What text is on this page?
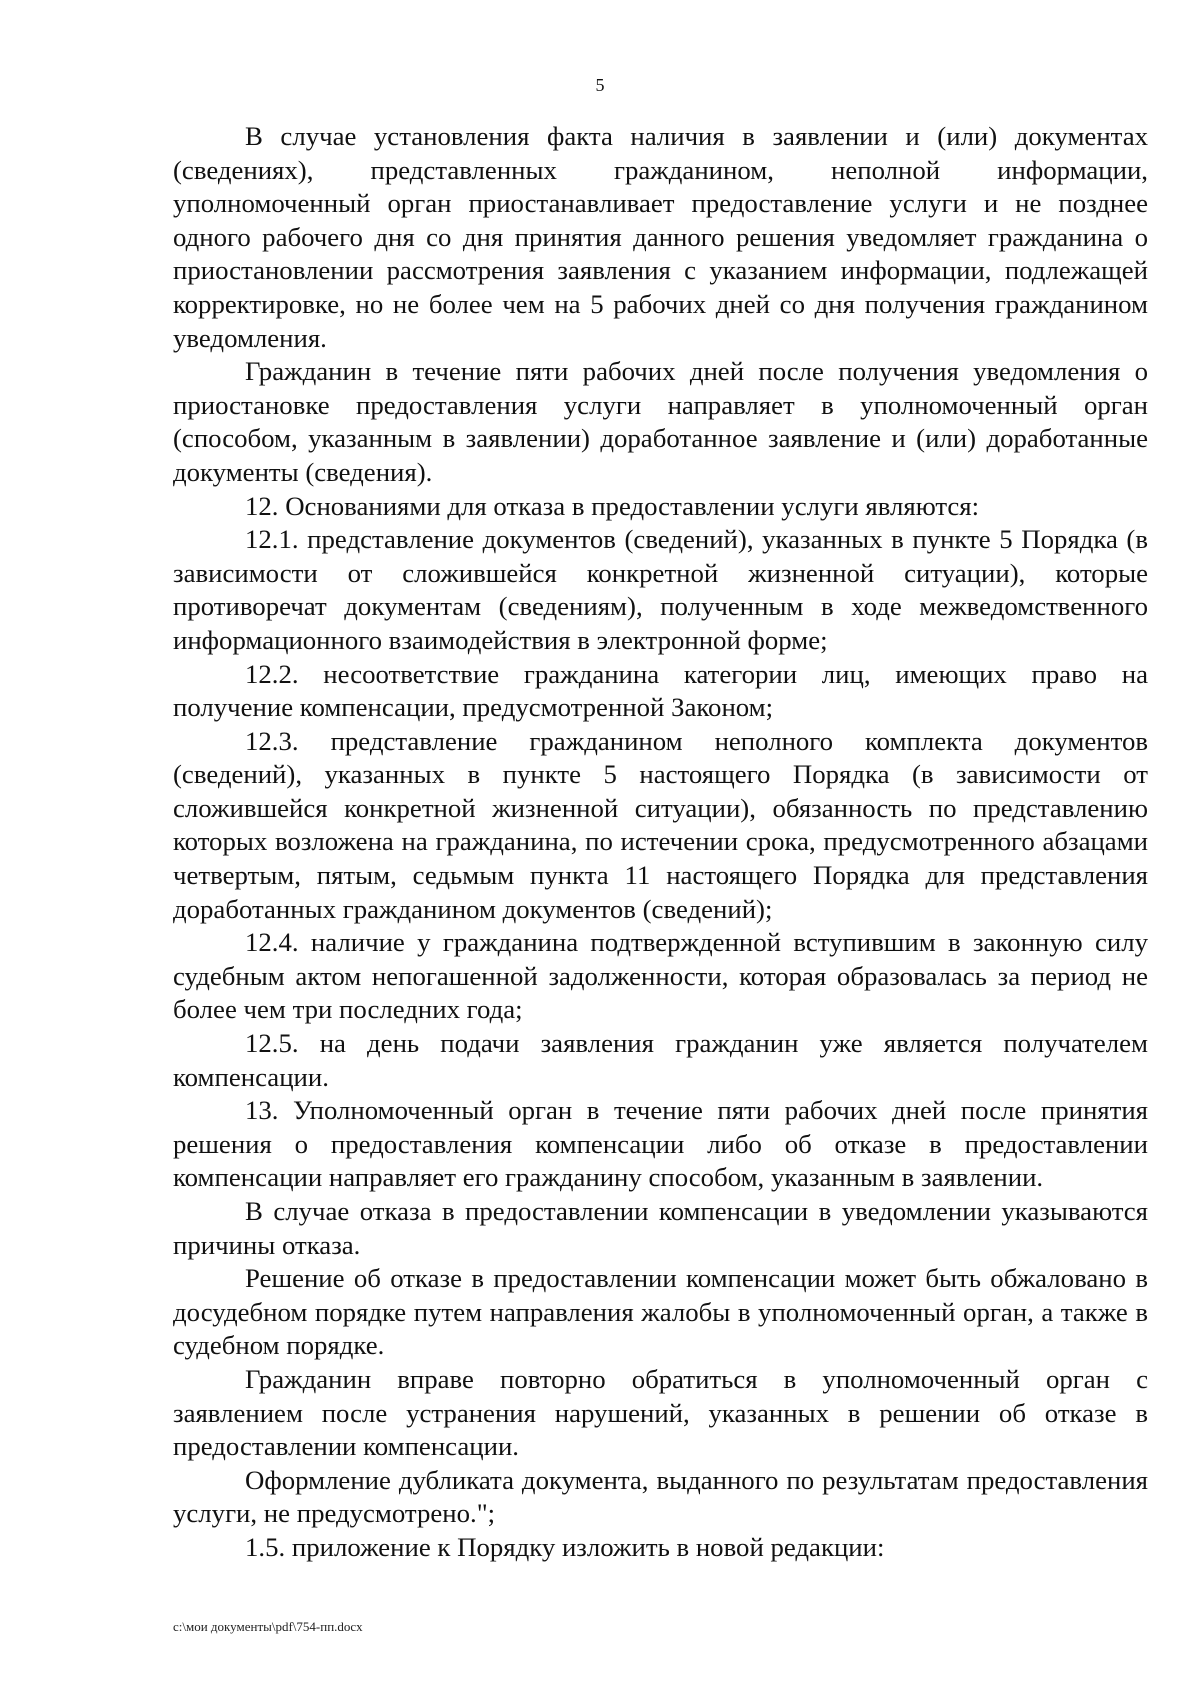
5

В случае установления факта наличия в заявлении и (или) документах (сведениях), представленных гражданином, неполной информации, уполномоченный орган приостанавливает предоставление услуги и не позднее одного рабочего дня со дня принятия данного решения уведомляет гражданина о приостановлении рассмотрения заявления с указанием информации, подлежащей корректировке, но не более чем на 5 рабочих дней со дня получения гражданином уведомления.

Гражданин в течение пяти рабочих дней после получения уведомления о приостановке предоставления услуги направляет в уполномоченный орган (способом, указанным в заявлении) доработанное заявление и (или) доработанные документы (сведения).

12. Основаниями для отказа в предоставлении услуги являются:

12.1. представление документов (сведений), указанных в пункте 5 Порядка (в зависимости от сложившейся конкретной жизненной ситуации), которые противоречат документам (сведениям), полученным в ходе межведомственного информационного взаимодействия в электронной форме;

12.2. несоответствие гражданина категории лиц, имеющих право на получение компенсации, предусмотренной Законом;

12.3. представление гражданином неполного комплекта документов (сведений), указанных в пункте 5 настоящего Порядка (в зависимости от сложившейся конкретной жизненной ситуации), обязанность по представлению которых возложена на гражданина, по истечении срока, предусмотренного абзацами четвертым, пятым, седьмым пункта 11 настоящего Порядка для представления доработанных гражданином документов (сведений);

12.4. наличие у гражданина подтвержденной вступившим в законную силу судебным актом непогашенной задолженности, которая образовалась за период не более чем три последних года;

12.5. на день подачи заявления гражданин уже является получателем компенсации.

13. Уполномоченный орган в течение пяти рабочих дней после принятия решения о предоставления компенсации либо об отказе в предоставлении компенсации направляет его гражданину способом, указанным в заявлении.

В случае отказа в предоставлении компенсации в уведомлении указываются причины отказа.

Решение об отказе в предоставлении компенсации может быть обжаловано в досудебном порядке путем направления жалобы в уполномоченный орган, а также в судебном порядке.

Гражданин вправе повторно обратиться в уполномоченный орган с заявлением после устранения нарушений, указанных в решении об отказе в предоставлении компенсации.

Оформление дубликата документа, выданного по результатам предоставления услуги, не предусмотрено.";

1.5. приложение к Порядку изложить в новой редакции:

c:\мои документы\pdf\754-пп.docx
